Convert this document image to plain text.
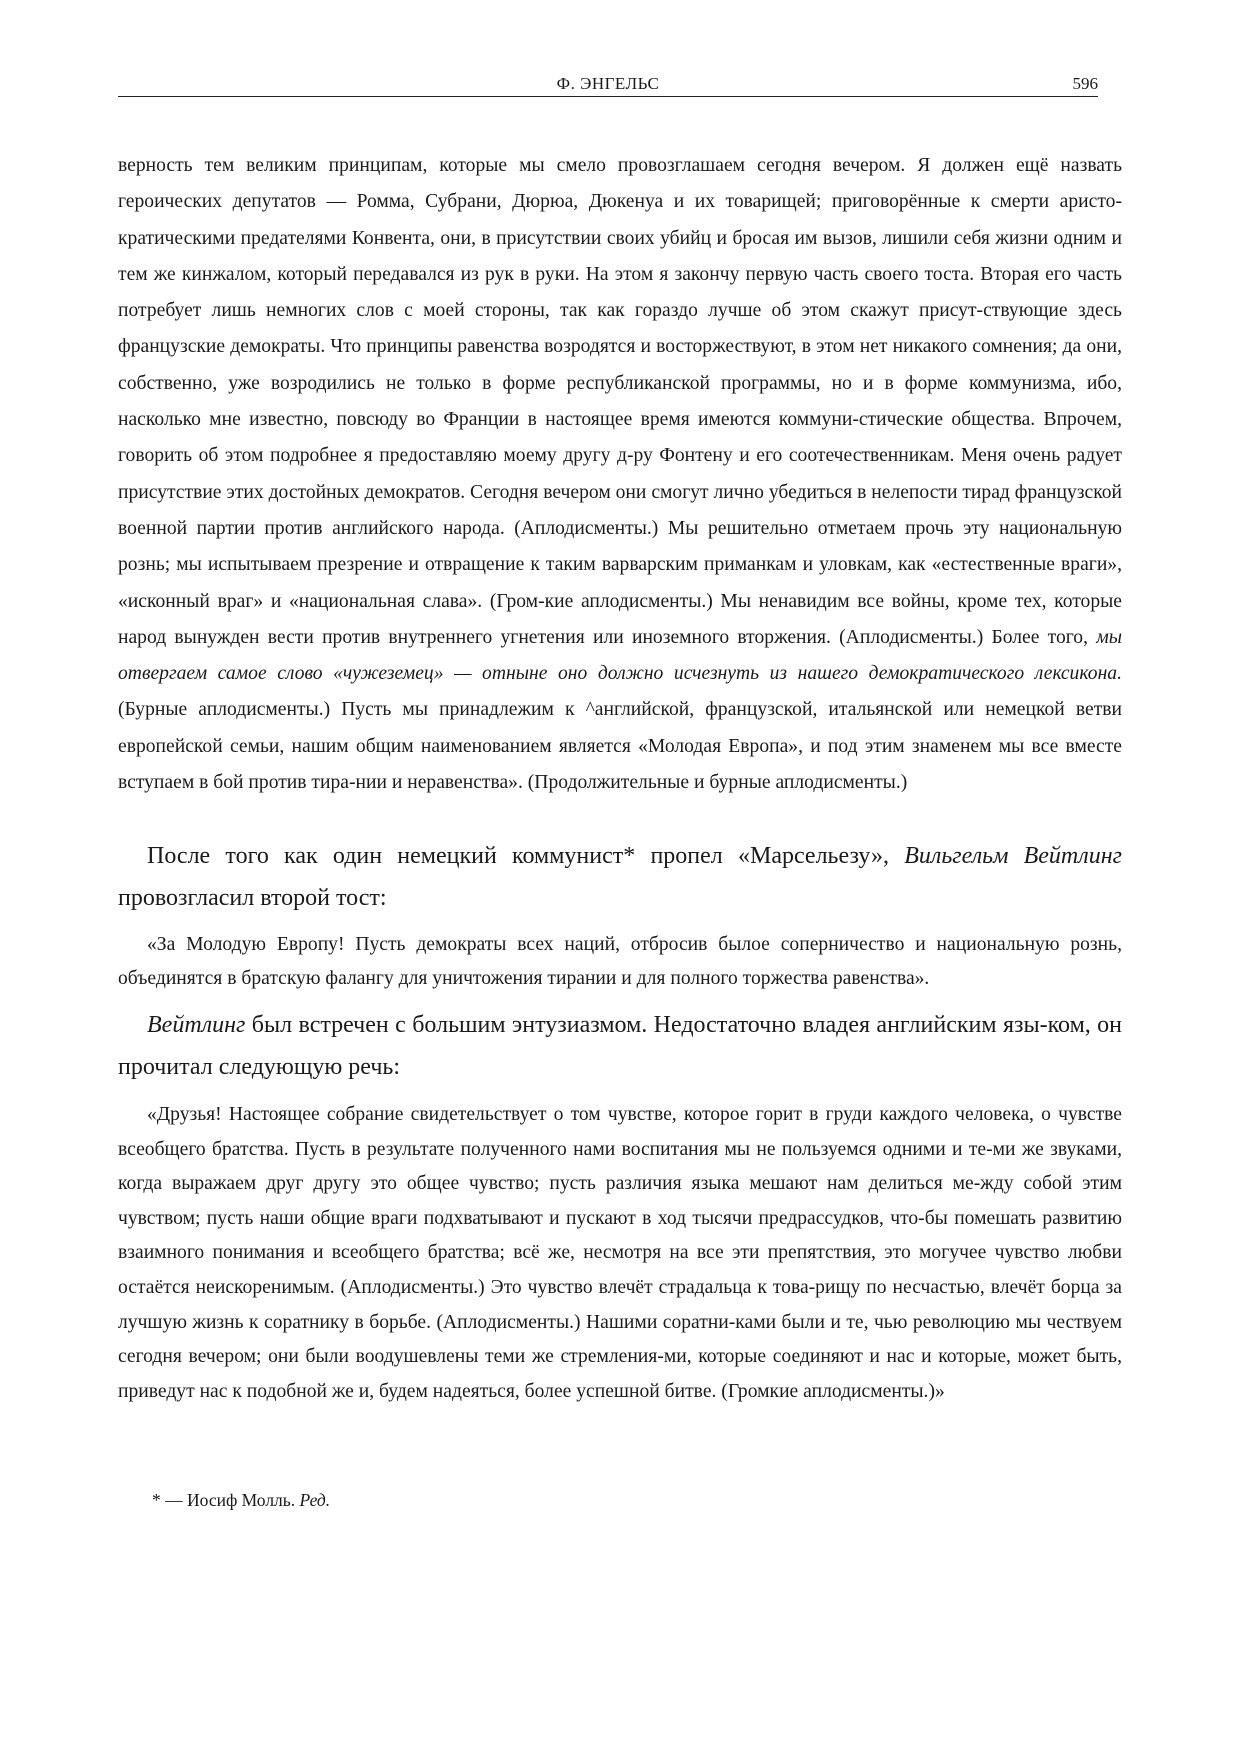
Ф. ЭНГЕЛЬС	596

верность тем великим принципам, которые мы смело провозглашаем сегодня вечером. Я должен ещё назвать героических депутатов — Ромма, Субрани, Дюрюа, Дюкенуа и их товарищей; приговорённые к смерти аристо-кратическими предателями Конвента, они, в присутствии своих убийц и бросая им вызов, лишили себя жизни одним и тем же кинжалом, который передавался из рук в руки. На этом я закончу первую часть своего тоста. Вторая его часть потребует лишь немногих слов с моей стороны, так как гораздо лучше об этом скажут присут-ствующие здесь французские демократы. Что принципы равенства возродятся и восторжествуют, в этом нет никакого сомнения; да они, собственно, уже возродились не только в форме республиканской программы, но и в форме коммунизма, ибо, насколько мне известно, повсюду во Франции в настоящее время имеются коммуни-стические общества. Впрочем, говорить об этом подробнее я предоставляю моему другу д-ру Фонтену и его соотечественникам. Меня очень радует присутствие этих достойных демократов. Сегодня вечером они смогут лично убедиться в нелепости тирад французской военной партии против английского народа. (Аплодисменты.) Мы решительно отметаем прочь эту национальную рознь; мы испытываем презрение и отвращение к таким варварским приманкам и уловкам, как «естественные враги», «исконный враг» и «национальная слава». (Гром-кие аплодисменты.) Мы ненавидим все войны, кроме тех, которые народ вынужден вести против внутреннего угнетения или иноземного вторжения. (Аплодисменты.) Более того, мы отвергаем самое слово «чужеземец» — отныне оно должно исчезнуть из нашего демократического лексикона. (Бурные аплодисменты.) Пусть мы принадлежим к ^английской, французской, итальянской или немецкой ветви европейской семьи, нашим общим наименованием является «Молодая Европа», и под этим знаменем мы все вместе вступаем в бой против тира-нии и неравенства». (Продолжительные и бурные аплодисменты.)

После того как один немецкий коммунист* пропел «Марсельезу», Вильгельм Вейтлинг провозгласил второй тост:

«За Молодую Европу! Пусть демократы всех наций, отбросив былое соперничество и национальную рознь, объединятся в братскую фалангу для уничтожения тирании и для полного торжества равенства».

Вейтлинг был встречен с большим энтузиазмом. Недостаточно владея английским язы-ком, он прочитал следующую речь:

«Друзья! Настоящее собрание свидетельствует о том чувстве, которое горит в груди каждого человека, о чувстве всеобщего братства. Пусть в результате полученного нами воспитания мы не пользуемся одними и те-ми же звуками, когда выражаем друг другу это общее чувство; пусть различия языка мешают нам делиться ме-жду собой этим чувством; пусть наши общие враги подхватывают и пускают в ход тысячи предрассудков, что-бы помешать развитию взаимного понимания и всеобщего братства; всё же, несмотря на все эти препятствия, это могучее чувство любви остаётся неискоренимым. (Аплодисменты.) Это чувство влечёт страдальца к това-рищу по несчастью, влечёт борца за лучшую жизнь к соратнику в борьбе. (Аплодисменты.) Нашими соратни-ками были и те, чью революцию мы чествуем сегодня вечером; они были воодушевлены теми же стремления-ми, которые соединяют и нас и которые, может быть, приведут нас к подобной же и, будем надеяться, более успешной битве. (Громкие аплодисменты.)»

* — Иосиф Молль. Ред.
